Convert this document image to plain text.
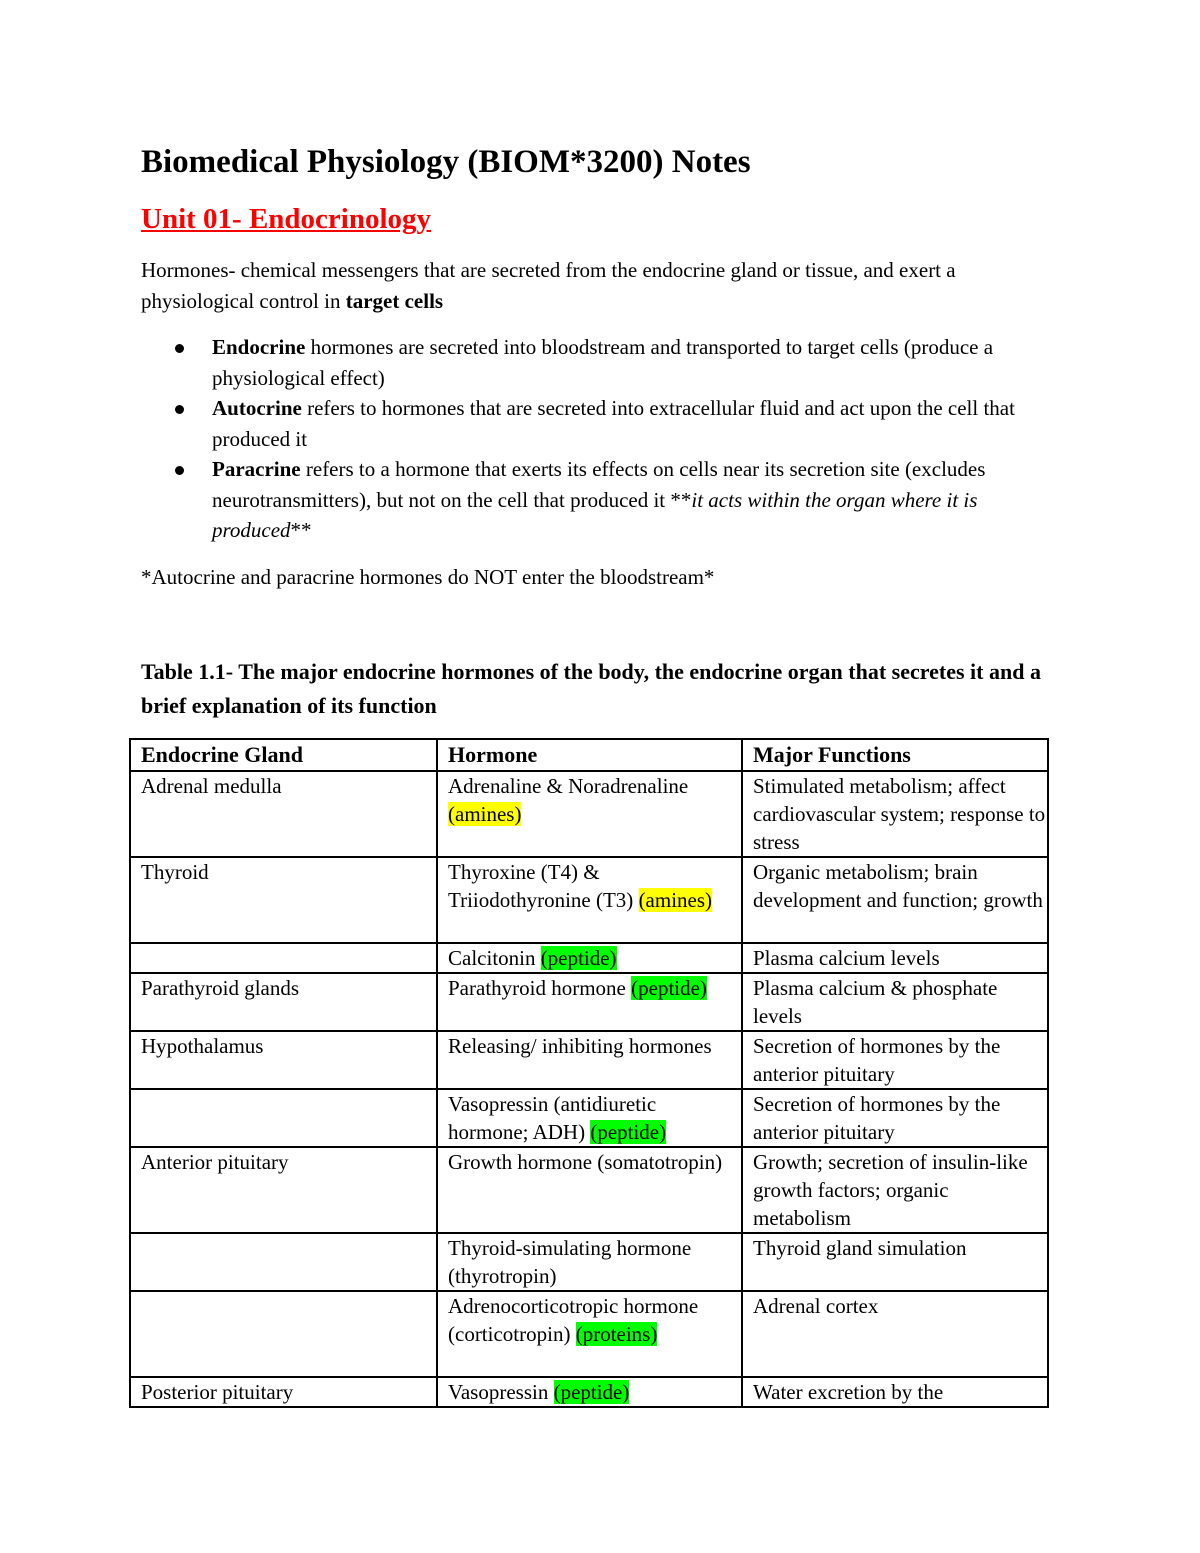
Biomedical Physiology (BIOM*3200) Notes
Unit 01- Endocrinology

Hormones- chemical messengers that are secreted from the endocrine gland or tissue, and exert a physiological control in target cells

Endocrine hormones are secreted into bloodstream and transported to target cells (produce a physiological effect)
Autocrine refers to hormones that are secreted into extracellular fluid and act upon the cell that produced it
Paracrine refers to a hormone that exerts its effects on cells near its secretion site (excludes neurotransmitters), but not on the cell that produced it **it acts within the organ where it is produced**

*Autocrine and paracrine hormones do NOT enter the bloodstream*

Table 1.1- The major endocrine hormones of the body, the endocrine organ that secretes it and a brief explanation of its function

Endocrine Gland	Hormone	Major Functions
Adrenal medulla	Adrenaline & Noradrenaline (amines)	Stimulated metabolism; affect cardiovascular system; response to stress
Thyroid	Thyroxine (T4) & Triiodothyronine (T3) (amines)	Organic metabolism; brain development and function; growth
	Calcitonin (peptide)	Plasma calcium levels
Parathyroid glands	Parathyroid hormone (peptide)	Plasma calcium & phosphate levels
Hypothalamus	Releasing/ inhibiting hormones	Secretion of hormones by the anterior pituitary
	Vasopressin (antidiuretic hormone; ADH) (peptide)	Secretion of hormones by the anterior pituitary
Anterior pituitary	Growth hormone (somatotropin)	Growth; secretion of insulin-like growth factors; organic metabolism
	Thyroid-simulating hormone (thyrotropin)	Thyroid gland simulation
	Adrenocorticotropic hormone (corticotropin) (proteins)	Adrenal cortex
Posterior pituitary	Vasopressin (peptide)	Water excretion by the
